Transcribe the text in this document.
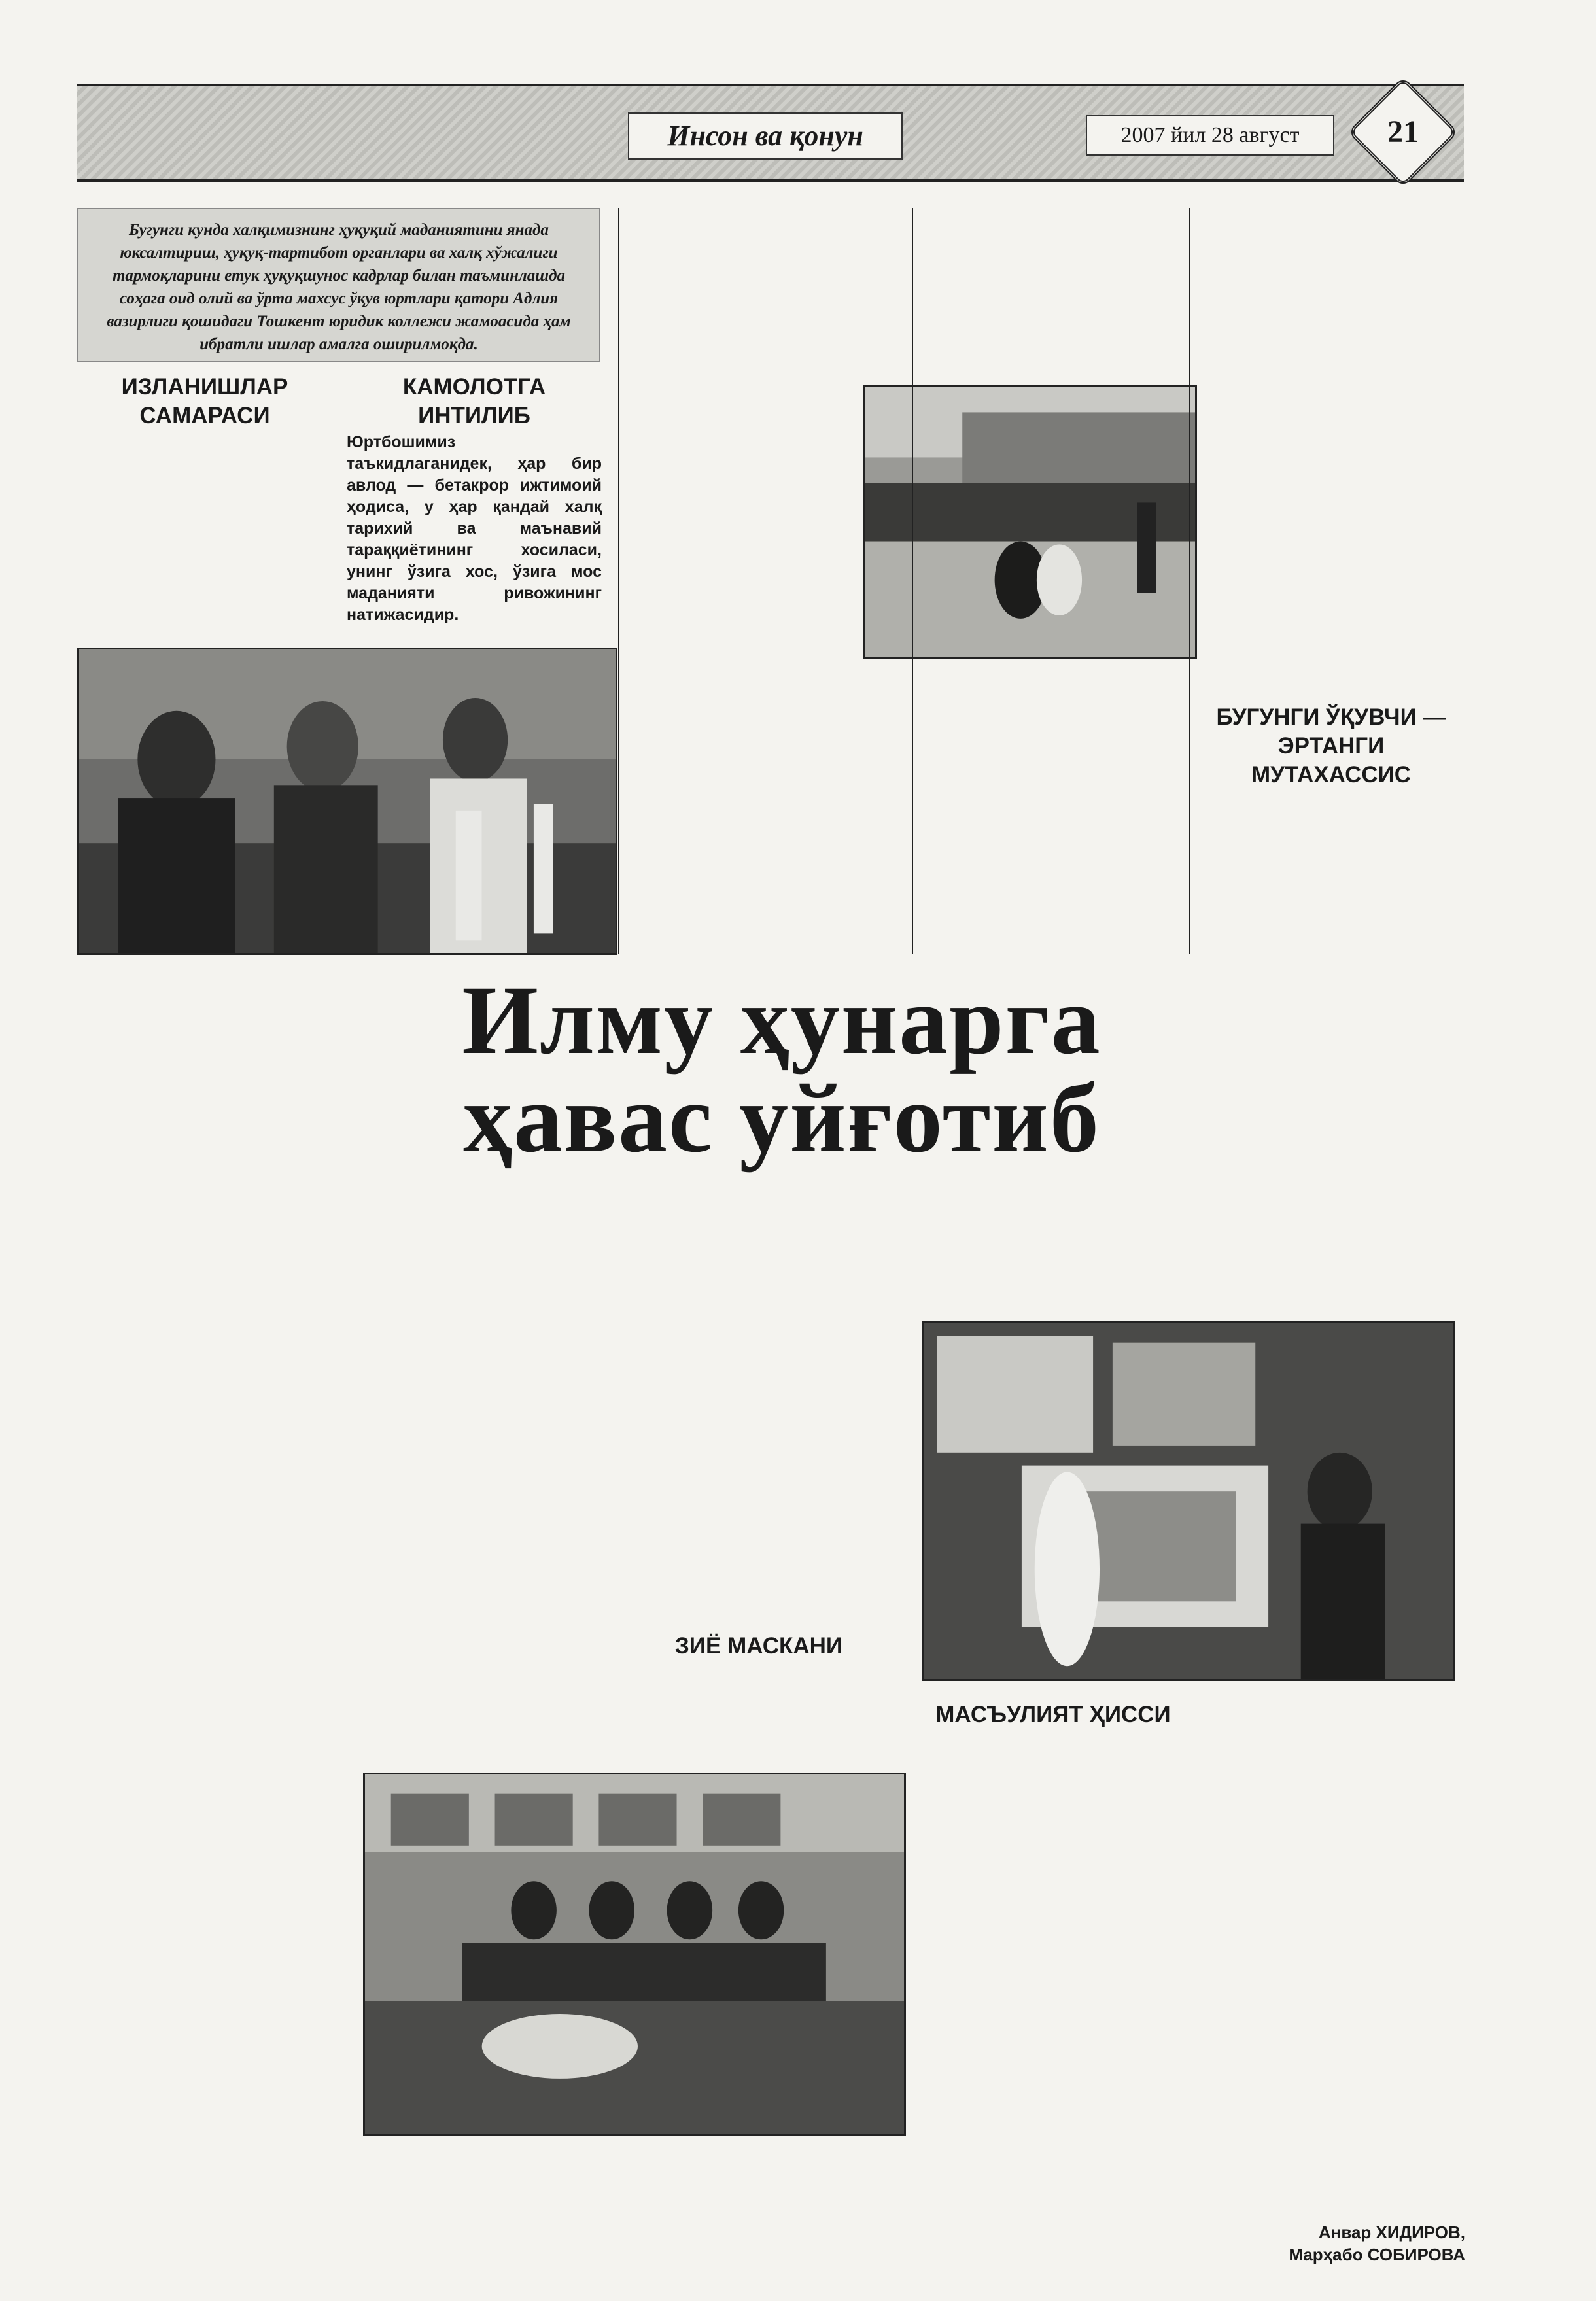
Инсон ва қонун	2007 йил 28 август	21
Бугунги кунда халқимизнинг ҳуқуқий маданиятини янада юксалтириш, ҳуқуқ-тартибот органлари ва халқ хўжалиги тармоқларини етук ҳуқуқшунос кадрлар билан таъминлашда соҳага оид олий ва ўрта махсус ўқув юртлари қатори Адлия вазирлиги қошидаги Тошкент юридик коллежи жамоасида ҳам ибратли ишлар амалга оширилмоқда.
ИЗЛАНИШЛАР САМАРАСИ
КАМОЛОТГА ИНТИЛИБ
Юртбошимиз таъкидлаганидек, ҳар бир авлод — бетакрор ижтимоий ҳодиса, у ҳар қандай халқ тарихий ва маънавий тараққиётининг хосиласи, унинг ўзига хос, ўзига мос маданияти ривожининг натижасидир.
БУГУНГИ ЎҚУВЧИ — ЭРТАНГИ МУТАХАССИС
ЗИЁ МАСКАНИ
МАСЪУЛИЯТ ҲИССИ
Анвар ХИДИРОВ,
Марҳабо СОБИРОВА
Илму ҳунарга
ҳавас уйғотиб
